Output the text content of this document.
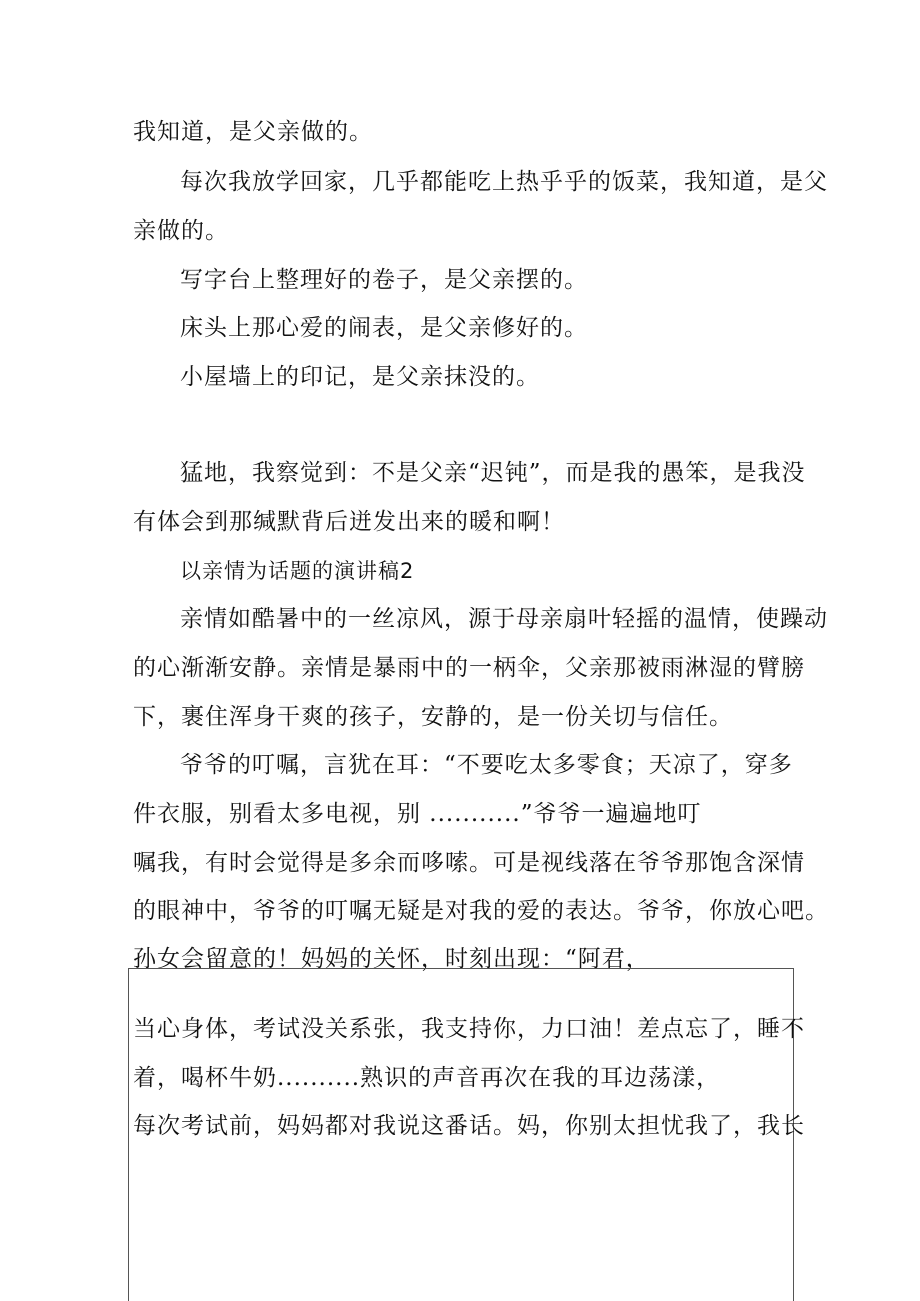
我知道，是父亲做的。
每次我放学回家，几乎都能吃上热乎乎的饭菜，我知道，是父
亲做的。
写字台上整理好的卷子，是父亲摆的。
床头上那心爱的闹表，是父亲修好的。
小屋墙上的印记，是父亲抹没的。
猛地，我察觉到：不是父亲“迟钝”，而是我的愚笨，是我没
有体会到那缄默背后迸发出来的暖和啊！
以亲情为话题的演讲稿2
亲情如酷暑中的一丝凉风，源于母亲扇叶轻摇的温情，使躁动
的心渐渐安静。亲情是暴雨中的一柄伞，父亲那被雨淋湿的臂膀
下，裹住浑身干爽的孩子，安静的，是一份关切与信任。
爷爷的叮嘱，言犹在耳：“不要吃太多零食；天凉了，穿多
件衣服，别看太多电视，别 ...........”爷爷一遍遍地叮
嘱我，有时会觉得是多余而哆嗦。可是视线落在爷爷那饱含深情
的眼神中，爷爷的叮嘱无疑是对我的爱的表达。爷爷，你放心吧。
孙女会留意的！妈妈的关怀，时刻出现：“阿君，
当心身体，考试没关系张，我支持你，力口油！差点忘了，睡不
着，喝杯牛奶..........熟识的声音再次在我的耳边荡漾，
每次考试前，妈妈都对我说这番话。妈，你别太担忧我了，我长
